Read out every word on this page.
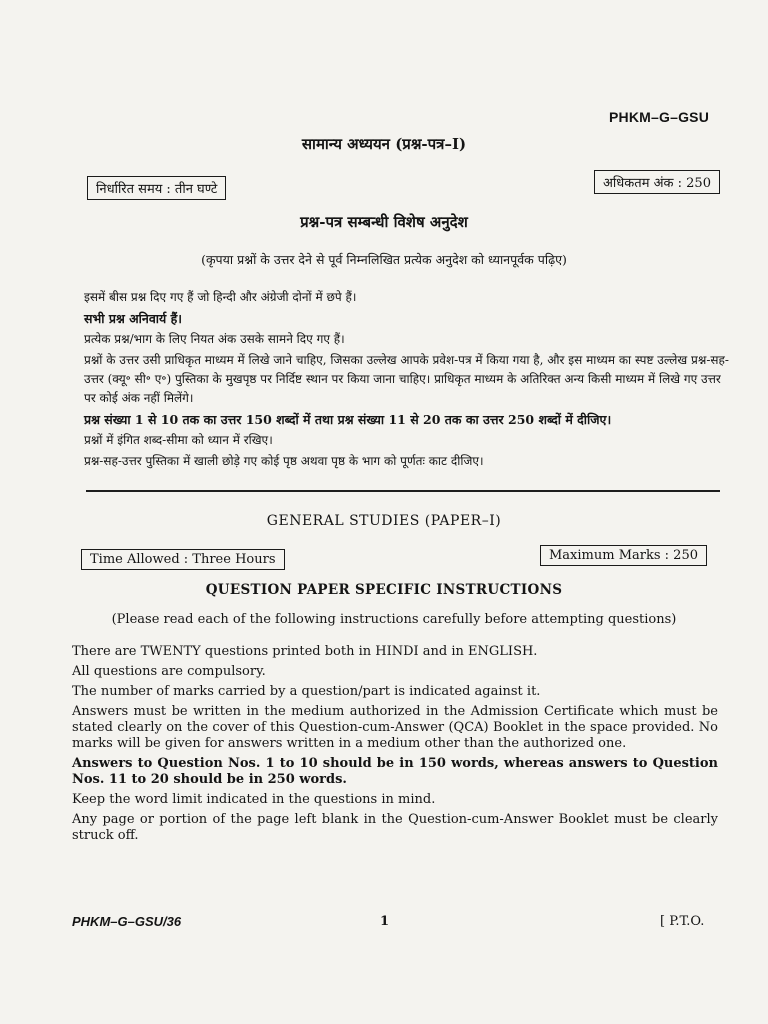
PHKM–G–GSU
सामान्य अध्ययन (प्रश्न-पत्र–I)
निर्धारित समय : तीन घण्टे	अधिकतम अंक : 250
प्रश्न-पत्र सम्बन्धी विशेष अनुदेश
(कृपया प्रश्नों के उत्तर देने से पूर्व निम्नलिखित प्रत्येक अनुदेश को ध्यानपूर्वक पढ़िए)

इसमें बीस प्रश्न दिए गए हैं जो हिन्दी और अंग्रेजी दोनों में छपे हैं।

सभी प्रश्न अनिवार्य हैं।

प्रत्येक प्रश्न/भाग के लिए नियत अंक उसके सामने दिए गए हैं।

प्रश्नों के उत्तर उसी प्राधिकृत माध्यम में लिखे जाने चाहिए, जिसका उल्लेख आपके प्रवेश-पत्र में किया गया है, और इस माध्यम का स्पष्ट उल्लेख प्रश्न-सह-उत्तर (क्यू॰ सी॰ ए॰) पुस्तिका के मुखपृष्ठ पर निर्दिष्ट स्थान पर किया जाना चाहिए। प्राधिकृत माध्यम के अतिरिक्त अन्य किसी माध्यम में लिखे गए उत्तर पर कोई अंक नहीं मिलेंगे।

प्रश्न संख्या 1 से 10 तक का उत्तर 150 शब्दों में तथा प्रश्न संख्या 11 से 20 तक का उत्तर 250 शब्दों में दीजिए।

प्रश्नों में इंगित शब्द-सीमा को ध्यान में रखिए।

प्रश्न-सह-उत्तर पुस्तिका में खाली छोड़े गए कोई पृष्ठ अथवा पृष्ठ के भाग को पूर्णतः काट दीजिए।

GENERAL STUDIES (PAPER–I)
Time Allowed : Three Hours	Maximum Marks : 250
QUESTION PAPER SPECIFIC INSTRUCTIONS
(Please read each of the following instructions carefully before attempting questions)

There are TWENTY questions printed both in HINDI and in ENGLISH.

All questions are compulsory.

The number of marks carried by a question/part is indicated against it.

Answers must be written in the medium authorized in the Admission Certificate which must be stated clearly on the cover of this Question-cum-Answer (QCA) Booklet in the space provided. No marks will be given for answers written in a medium other than the authorized one.

Answers to Question Nos. 1 to 10 should be in 150 words, whereas answers to Question Nos. 11 to 20 should be in 250 words.

Keep the word limit indicated in the questions in mind.

Any page or portion of the page left blank in the Question-cum-Answer Booklet must be clearly struck off.

PHKM–G–GSU/36	1	[ P.T.O.
